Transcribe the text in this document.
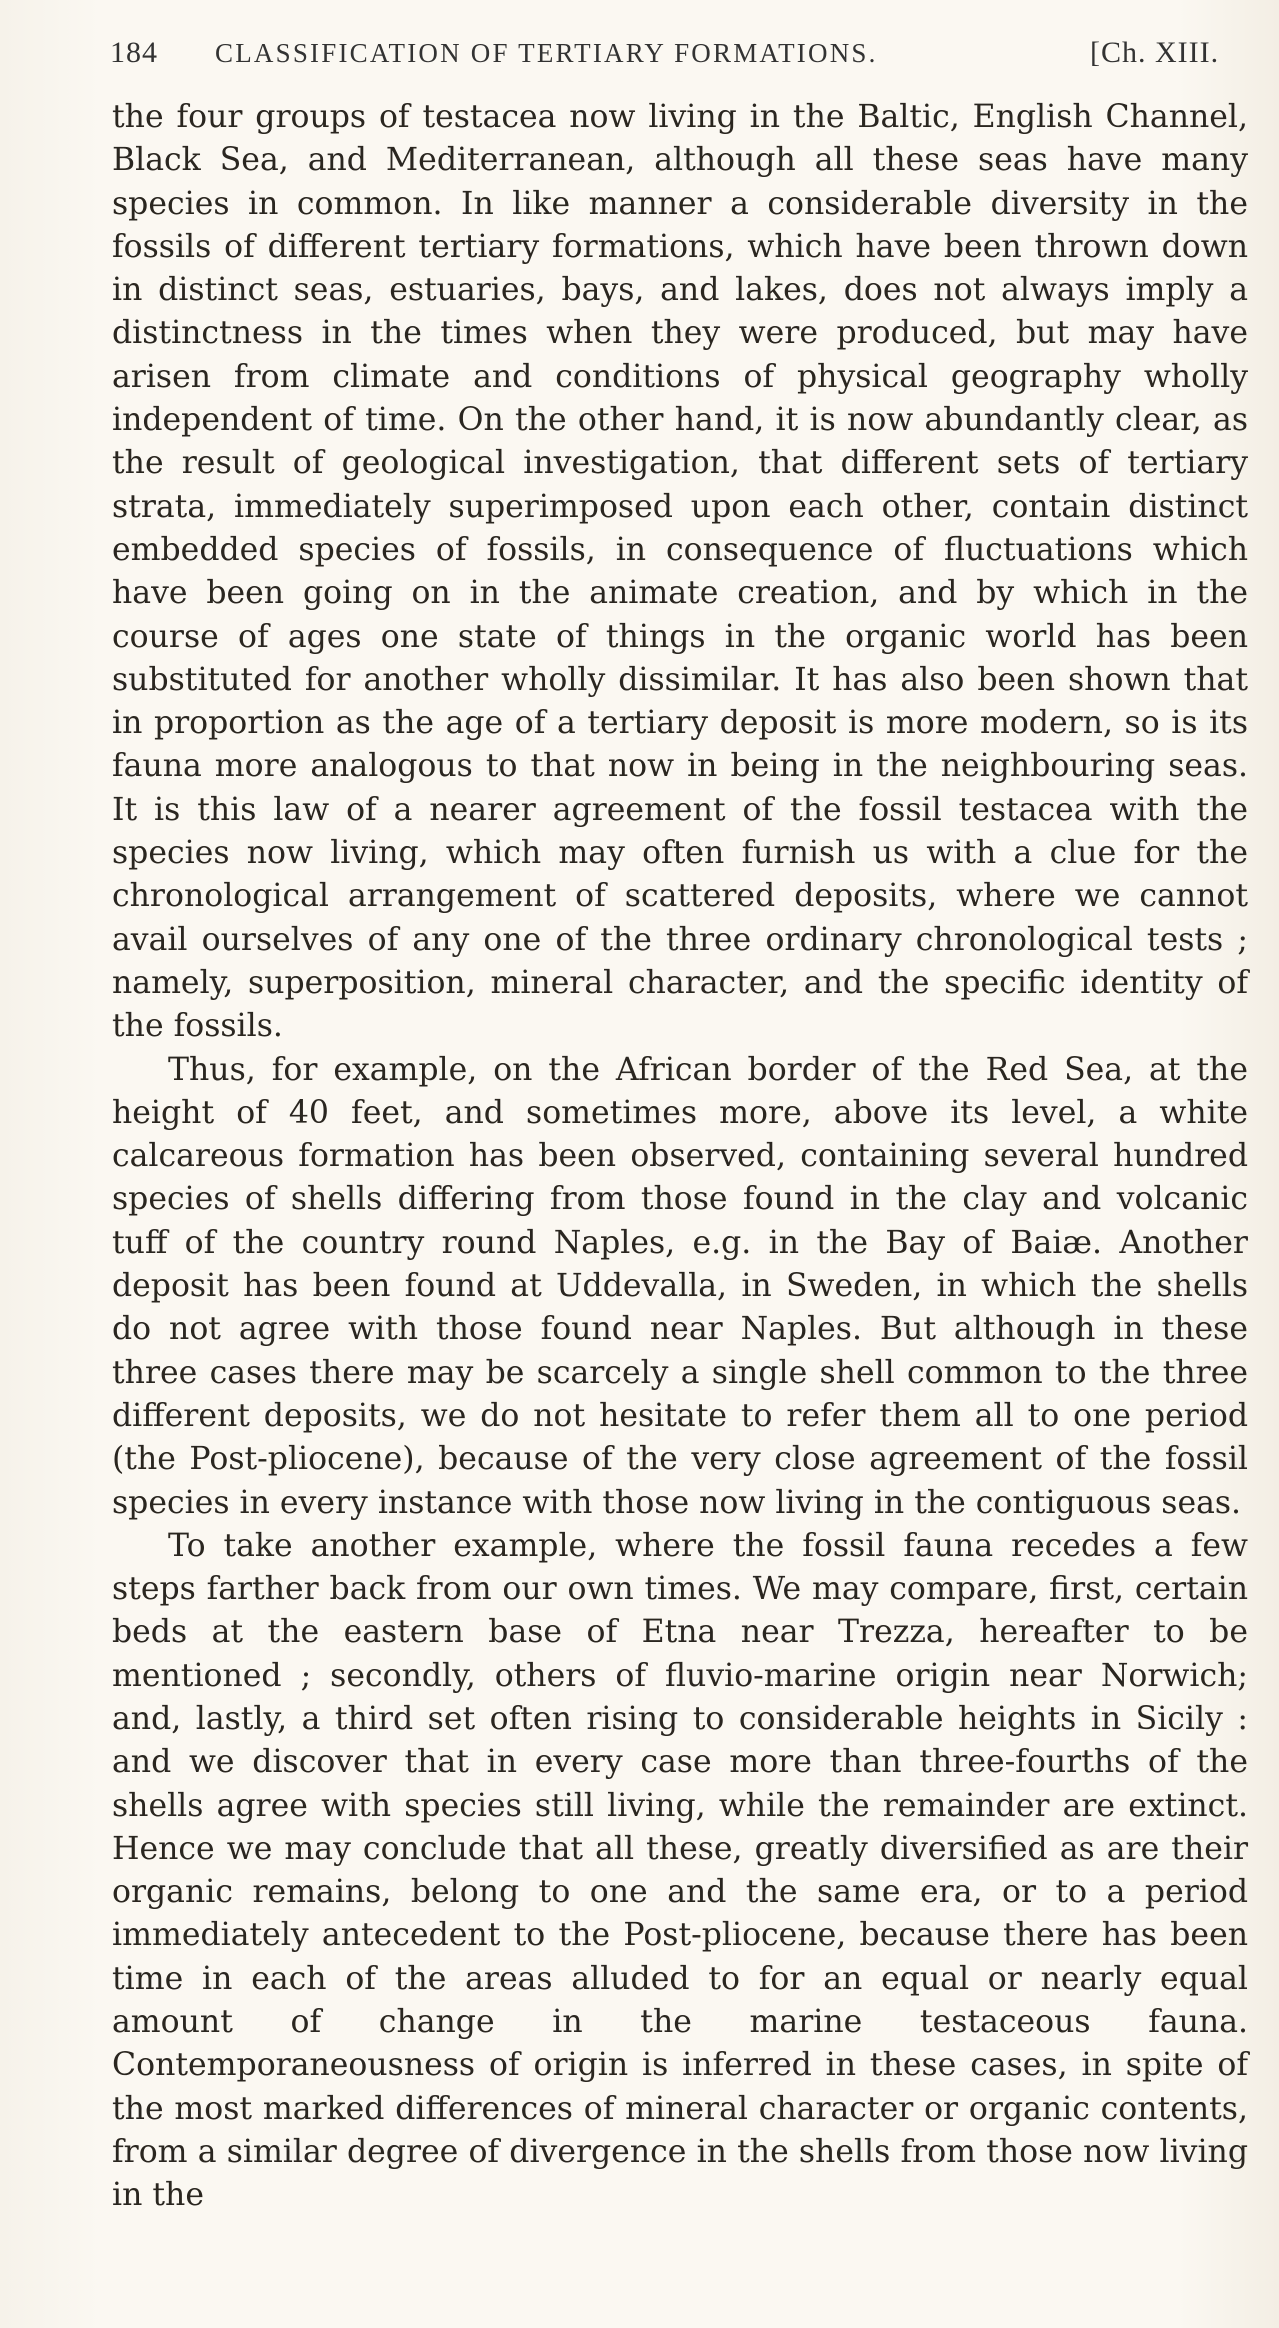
184 CLASSIFICATION OF TERTIARY FORMATIONS.	[Ch. XIII.

the four groups of testacea now living in the Baltic, English Channel, Black Sea, and Mediterranean, although all these seas have many species in common. In like manner a considerable diversity in the fossils of different tertiary formations, which have been thrown down in distinct seas, estuaries, bays, and lakes, does not always imply a distinctness in the times when they were produced, but may have arisen from climate and conditions of physical geography wholly independent of time. On the other hand, it is now abundantly clear, as the result of geological investigation, that different sets of tertiary strata, immediately superimposed upon each other, contain distinct embedded species of fossils, in consequence of fluctuations which have been going on in the animate creation, and by which in the course of ages one state of things in the organic world has been substituted for another wholly dissimilar. It has also been shown that in proportion as the age of a tertiary deposit is more modern, so is its fauna more analogous to that now in being in the neighbouring seas. It is this law of a nearer agreement of the fossil testacea with the species now living, which may often furnish us with a clue for the chronological arrangement of scattered deposits, where we cannot avail ourselves of any one of the three ordinary chronological tests ; namely, superposition, mineral character, and the specific identity of the fossils.

Thus, for example, on the African border of the Red Sea, at the height of 40 feet, and sometimes more, above its level, a white calcareous formation has been observed, containing several hundred species of shells differing from those found in the clay and volcanic tuff of the country round Naples, e.g. in the Bay of Baiæ. Another deposit has been found at Uddevalla, in Sweden, in which the shells do not agree with those found near Naples. But although in these three cases there may be scarcely a single shell common to the three different deposits, we do not hesitate to refer them all to one period (the Post-pliocene), because of the very close agreement of the fossil species in every instance with those now living in the contiguous seas.

To take another example, where the fossil fauna recedes a few steps farther back from our own times. We may compare, first, certain beds at the eastern base of Etna near Trezza, hereafter to be mentioned ; secondly, others of fluvio-marine origin near Norwich; and, lastly, a third set often rising to considerable heights in Sicily : and we discover that in every case more than three-fourths of the shells agree with species still living, while the remainder are extinct. Hence we may conclude that all these, greatly diversified as are their organic remains, belong to one and the same era, or to a period immediately antecedent to the Post-pliocene, because there has been time in each of the areas alluded to for an equal or nearly equal amount of change in the marine testaceous fauna. Contemporaneousness of origin is inferred in these cases, in spite of the most marked differences of mineral character or organic contents, from a similar degree of divergence in the shells from those now living in the
